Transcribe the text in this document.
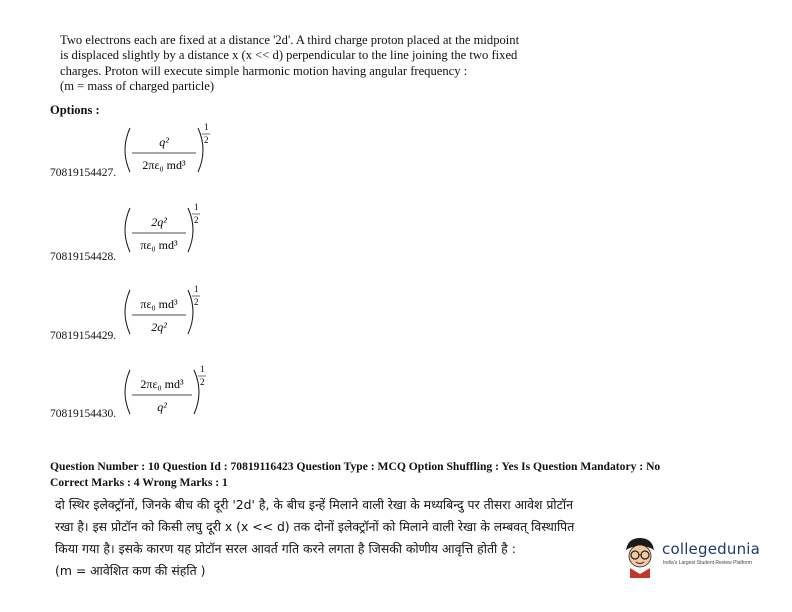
Two electrons each are fixed at a distance '2d'. A third charge proton placed at the midpoint
is displaced slightly by a distance x (x << d) perpendicular to the line joining the two fixed
charges. Proton will execute simple harmonic motion having angular frequency :
(m = mass of charged particle)
Options :
q²
2πε₀ md³
1
2
70819154427.
2q²
πε₀ md³
1
2
70819154428.
πε₀ md³
2q²
1
2
70819154429.
2πε₀ md³
q²
1
2
70819154430.
Question Number : 10 Question Id : 70819116423 Question Type : MCQ Option Shuffling : Yes Is Question Mandatory : No
Correct Marks : 4 Wrong Marks : 1
दो स्थिर इलेक्ट्रॉनों, जिनके बीच की दूरी '2d' है, के बीच इन्हें मिलाने वाली रेखा के मध्यबिन्दु पर तीसरा आवेश प्रोटॉन
रखा है। इस प्रोटॉन को किसी लघु दूरी x (x << d) तक दोनों इलेक्ट्रॉनों को मिलाने वाली रेखा के लम्बवत् विस्थापित
किया गया है। इसके कारण यह प्रोटॉन सरल आवर्त गति करने लगता है जिसकी कोणीय आवृत्ति होती है :
(m = आवेशित कण की संहति )
collegedunia
India's Largest Student Review Platform
